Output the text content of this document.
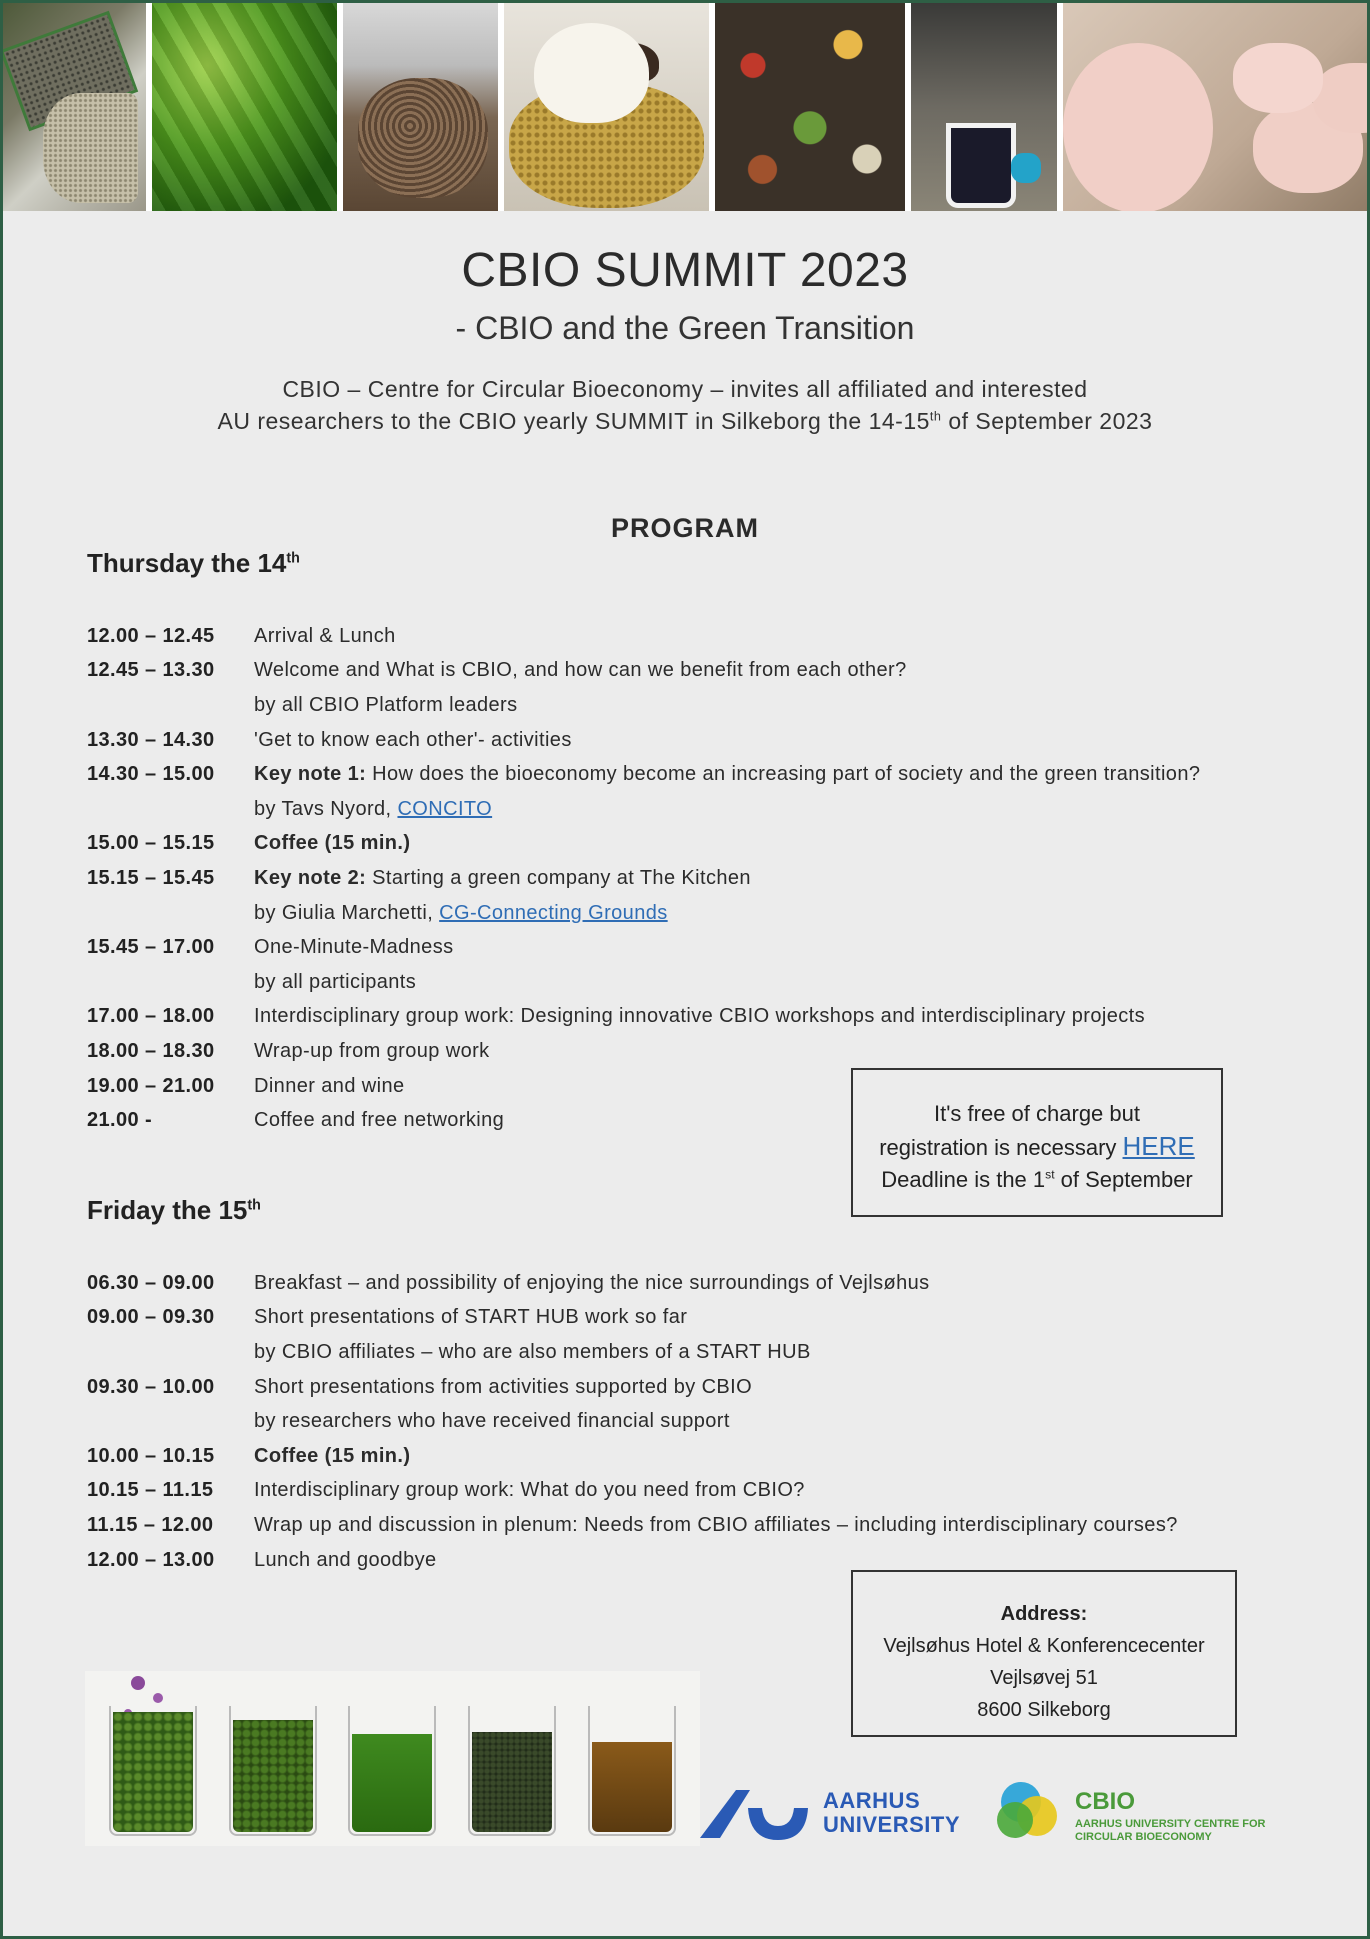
CBIO SUMMIT 2023
- CBIO and the Green Transition
CBIO – Centre for Circular Bioeconomy – invites all affiliated and interested
AU researchers to the CBIO yearly SUMMIT in Silkeborg the 14-15th of September 2023
PROGRAM
Thursday the 14th
12.00 – 12.45	Arrival & Lunch
12.45 – 13.30	Welcome and What is CBIO, and how can we benefit from each other?
by all CBIO Platform leaders
13.30 – 14.30	'Get to know each other'- activities
14.30 – 15.00	Key note 1: How does the bioeconomy become an increasing part of society and the green transition?
by Tavs Nyord, CONCITO
15.00 – 15.15	Coffee (15 min.)
15.15 – 15.45	Key note 2: Starting a green company at The Kitchen
by Giulia Marchetti, CG-Connecting Grounds
15.45 – 17.00	One-Minute-Madness
by all participants
17.00 – 18.00	Interdisciplinary group work: Designing innovative CBIO workshops and interdisciplinary projects
18.00 – 18.30	Wrap-up from group work
19.00 – 21.00	Dinner and wine
21.00 -	Coffee and free networking
Friday the 15th
06.30 – 09.00	Breakfast – and possibility of enjoying the nice surroundings of Vejlsøhus
09.00 – 09.30	Short presentations of START HUB work so far
by CBIO affiliates – who are also members of a START HUB
09.30 – 10.00	Short presentations from activities supported by CBIO
by researchers who have received financial support
10.00 – 10.15	Coffee (15 min.)
10.15 – 11.15	Interdisciplinary group work: What do you need from CBIO?
11.15 – 12.00	Wrap up and discussion in plenum: Needs from CBIO affiliates – including interdisciplinary courses?
12.00 – 13.00	Lunch and goodbye
It's free of charge but
registration is necessary HERE
Deadline is the 1st of September
Address:
Vejlsøhus Hotel & Konferencecenter
Vejlsøvej 51
8600 Silkeborg
AARHUS
UNIVERSITY
CBIO
AARHUS UNIVERSITY CENTRE FOR
CIRCULAR BIOECONOMY
